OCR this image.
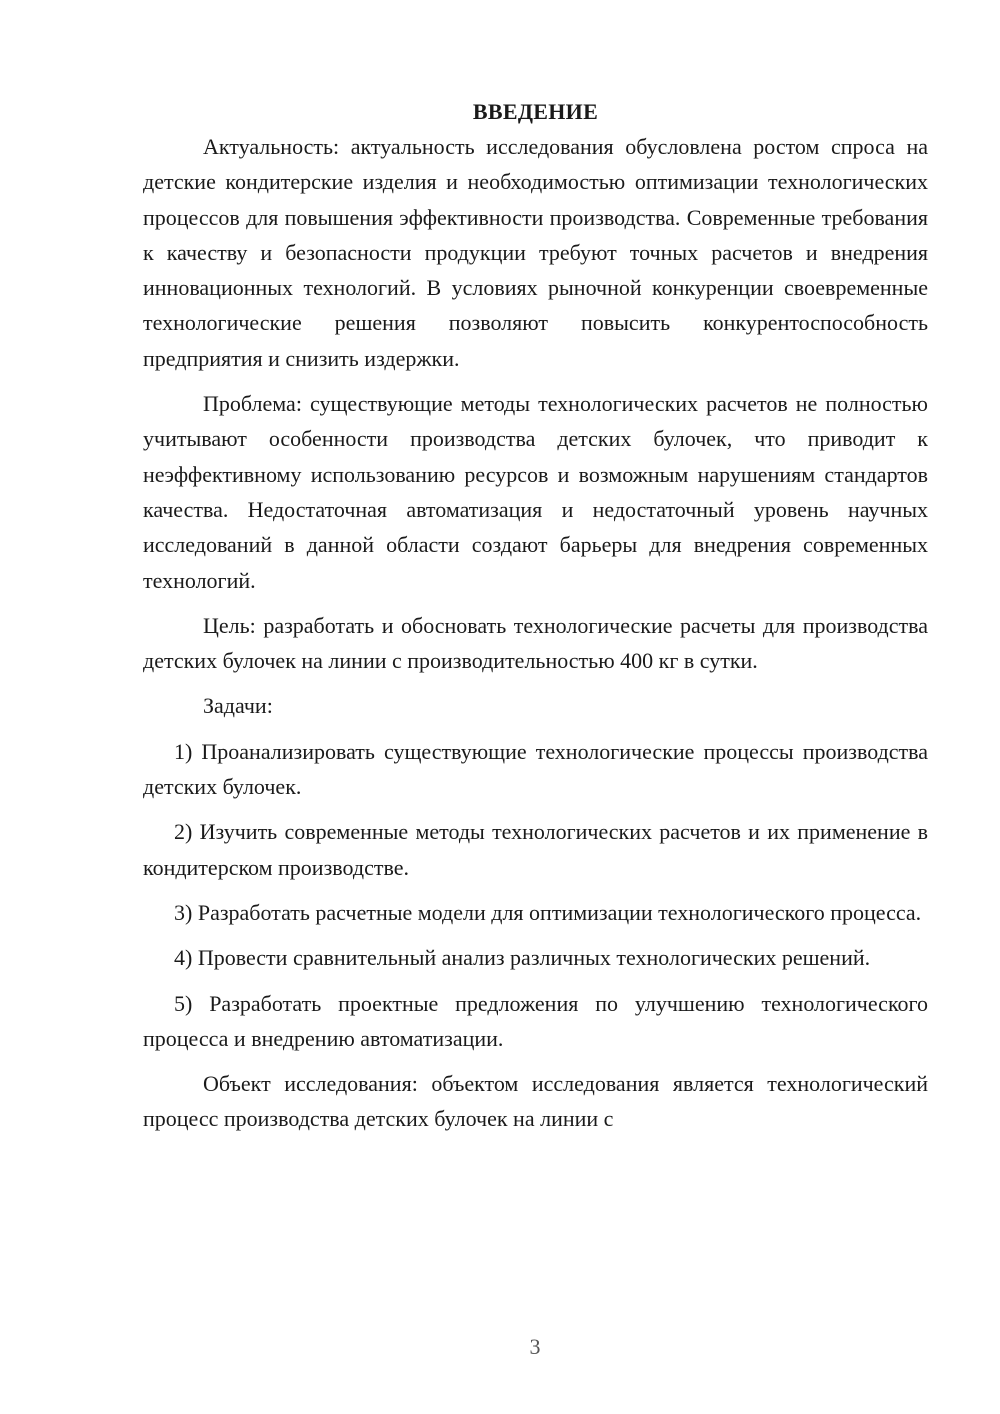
ВВЕДЕНИЕ

Актуальность: актуальность исследования обусловлена ростом спроса на детские кондитерские изделия и необходимостью оптимизации технологических процессов для повышения эффективности производства. Современные требования к качеству и безопасности продукции требуют точных расчетов и внедрения инновационных технологий. В условиях рыночной конкуренции своевременные технологические решения позволяют повысить конкурентоспособность предприятия и снизить издержки.

Проблема: существующие методы технологических расчетов не полностью учитывают особенности производства детских булочек, что приводит к неэффективному использованию ресурсов и возможным нарушениям стандартов качества. Недостаточная автоматизация и недостаточный уровень научных исследований в данной области создают барьеры для внедрения современных технологий.

Цель: разработать и обосновать технологические расчеты для производства детских булочек на линии с производительностью 400 кг в сутки.

Задачи:

1) Проанализировать существующие технологические процессы производства детских булочек.

2) Изучить современные методы технологических расчетов и их применение в кондитерском производстве.

3) Разработать расчетные модели для оптимизации технологического процесса.

4) Провести сравнительный анализ различных технологических решений.

5) Разработать проектные предложения по улучшению технологического процесса и внедрению автоматизации.

Объект исследования: объектом исследования является технологический процесс производства детских булочек на линии с

3
